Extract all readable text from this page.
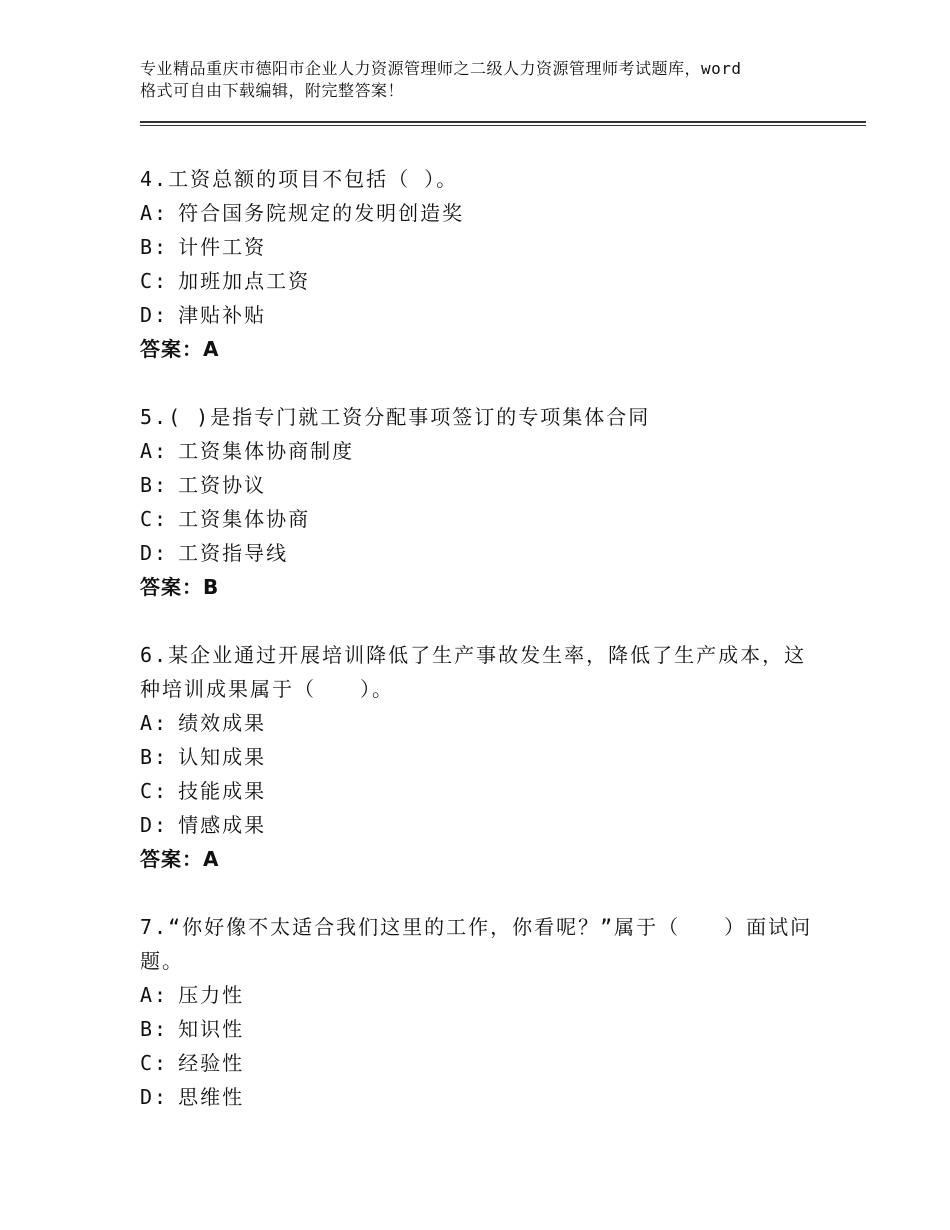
专业精品重庆市德阳市企业人力资源管理师之二级人力资源管理师考试题库，word
格式可自由下载编辑，附完整答案！
4.工资总额的项目不包括（ ）。
A: 符合国务院规定的发明创造奖
B: 计件工资
C: 加班加点工资
D: 津贴补贴
答案：A
5.( )是指专门就工资分配事项签订的专项集体合同
A: 工资集体协商制度
B: 工资协议
C: 工资集体协商
D: 工资指导线
答案：B
6.某企业通过开展培训降低了生产事故发生率，降低了生产成本，这种培训成果属于（　　）。
A: 绩效成果
B: 认知成果
C: 技能成果
D: 情感成果
答案：A
7.“你好像不太适合我们这里的工作，你看呢？”属于（　　）面试问题。
A: 压力性
B: 知识性
C: 经验性
D: 思维性
